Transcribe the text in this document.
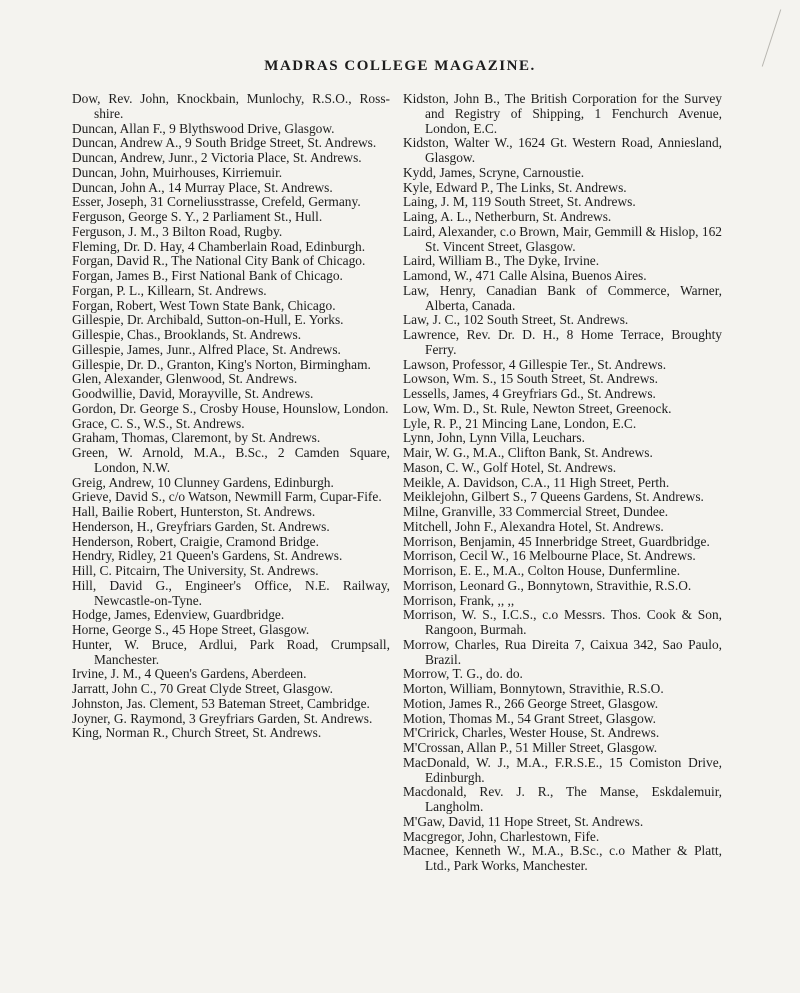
MADRAS COLLEGE MAGAZINE.
Dow, Rev. John, Knockbain, Munlochy, R.S.O., Ross-shire.
Duncan, Allan F., 9 Blythswood Drive, Glasgow.
Duncan, Andrew A., 9 South Bridge Street, St. Andrews.
Duncan, Andrew, Junr., 2 Victoria Place, St. Andrews.
Duncan, John, Muirhouses, Kirriemuir.
Duncan, John A., 14 Murray Place, St. Andrews.
Esser, Joseph, 31 Corneliusstrasse, Crefeld, Germany.
Ferguson, George S. Y., 2 Parliament St., Hull.
Ferguson, J. M., 3 Bilton Road, Rugby.
Fleming, Dr. D. Hay, 4 Chamberlain Road, Edinburgh.
Forgan, David R., The National City Bank of Chicago.
Forgan, James B., First National Bank of Chicago.
Forgan, P. L., Killearn, St. Andrews.
Forgan, Robert, West Town State Bank, Chicago.
Gillespie, Dr. Archibald, Sutton-on-Hull, E. Yorks.
Gillespie, Chas., Brooklands, St. Andrews.
Gillespie, James, Junr., Alfred Place, St. Andrews.
Gillespie, Dr. D., Granton, King's Norton, Birmingham.
Glen, Alexander, Glenwood, St. Andrews.
Goodwillie, David, Morayville, St. Andrews.
Gordon, Dr. George S., Crosby House, Hounslow, London.
Grace, C. S., W.S., St. Andrews.
Graham, Thomas, Claremont, by St. Andrews.
Green, W. Arnold, M.A., B.Sc., 2 Camden Square, London, N.W.
Greig, Andrew, 10 Clunney Gardens, Edinburgh.
Grieve, David S., c/o Watson, Newmill Farm, Cupar-Fife.
Hall, Bailie Robert, Hunterston, St. Andrews.
Henderson, H., Greyfriars Garden, St. Andrews.
Henderson, Robert, Craigie, Cramond Bridge.
Hendry, Ridley, 21 Queen's Gardens, St. Andrews.
Hill, C. Pitcairn, The University, St. Andrews.
Hill, David G., Engineer's Office, N.E. Railway, Newcastle-on-Tyne.
Hodge, James, Edenview, Guardbridge.
Horne, George S., 45 Hope Street, Glasgow.
Hunter, W. Bruce, Ardlui, Park Road, Crumpsall, Manchester.
Irvine, J. M., 4 Queen's Gardens, Aberdeen.
Jarratt, John C., 70 Great Clyde Street, Glasgow.
Johnston, Jas. Clement, 53 Bateman Street, Cambridge.
Joyner, G. Raymond, 3 Greyfriars Garden, St. Andrews.
King, Norman R., Church Street, St. Andrews.
Kidston, John B., The British Corporation for the Survey and Registry of Shipping, 1 Fenchurch Avenue, London, E.C.
Kidston, Walter W., 1624 Gt. Western Road, Anniesland, Glasgow.
Kydd, James, Scryne, Carnoustie.
Kyle, Edward P., The Links, St. Andrews.
Laing, J. M, 119 South Street, St. Andrews.
Laing, A. L., Netherburn, St. Andrews.
Laird, Alexander, c.o Brown, Mair, Gemmill & Hislop, 162 St. Vincent Street, Glasgow.
Laird, William B., The Dyke, Irvine.
Lamond, W., 471 Calle Alsina, Buenos Aires.
Law, Henry, Canadian Bank of Commerce, Warner, Alberta, Canada.
Law, J. C., 102 South Street, St. Andrews.
Lawrence, Rev. Dr. D. H., 8 Home Terrace, Broughty Ferry.
Lawson, Professor, 4 Gillespie Ter., St. Andrews.
Lowson, Wm. S., 15 South Street, St. Andrews.
Lessells, James, 4 Greyfriars Gd., St. Andrews.
Low, Wm. D., St. Rule, Newton Street, Greenock.
Lyle, R. P., 21 Mincing Lane, London, E.C.
Lynn, John, Lynn Villa, Leuchars.
Mair, W. G., M.A., Clifton Bank, St. Andrews.
Mason, C. W., Golf Hotel, St. Andrews.
Meikle, A. Davidson, C.A., 11 High Street, Perth.
Meiklejohn, Gilbert S., 7 Queens Gardens, St. Andrews.
Milne, Granville, 33 Commercial Street, Dundee.
Mitchell, John F., Alexandra Hotel, St. Andrews.
Morrison, Benjamin, 45 Innerbridge Street, Guardbridge.
Morrison, Cecil W., 16 Melbourne Place, St. Andrews.
Morrison, E. E., M.A., Colton House, Dunfermline.
Morrison, Leonard G., Bonnytown, Stravithie, R.S.O.
Morrison, Frank, ,, ,,
Morrison, W. S., I.C.S., c.o Messrs. Thos. Cook & Son, Rangoon, Burmah.
Morrow, Charles, Rua Direita 7, Caixua 342, Sao Paulo, Brazil.
Morrow, T. G., do. do.
Morton, William, Bonnytown, Stravithie, R.S.O.
Motion, James R., 266 George Street, Glasgow.
Motion, Thomas M., 54 Grant Street, Glasgow.
M'Cririck, Charles, Wester House, St. Andrews.
M'Crossan, Allan P., 51 Miller Street, Glasgow.
MacDonald, W. J., M.A., F.R.S.E., 15 Comiston Drive, Edinburgh.
Macdonald, Rev. J. R., The Manse, Eskdalemuir, Langholm.
M'Gaw, David, 11 Hope Street, St. Andrews.
Macgregor, John, Charlestown, Fife.
Macnee, Kenneth W., M.A., B.Sc., c.o Mather & Platt, Ltd., Park Works, Manchester.
